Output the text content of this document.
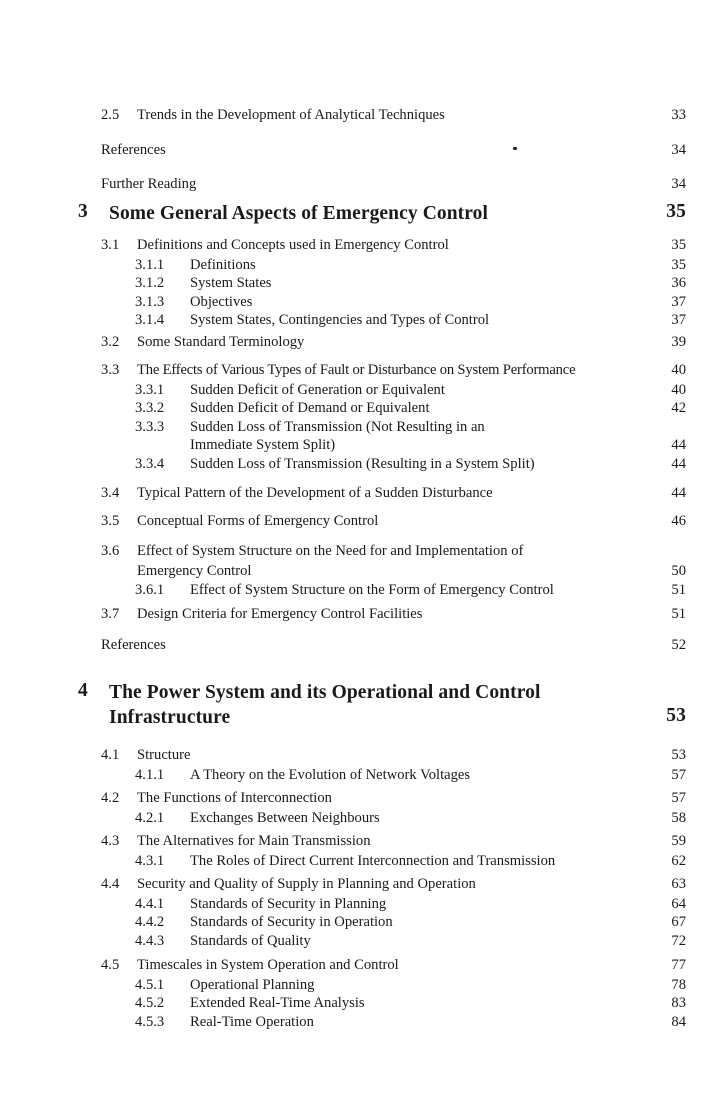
2.5	Trends in the Development of Analytical Techniques	33
References	34
Further Reading	34
3 Some General Aspects of Emergency Control	35
3.1	Definitions and Concepts used in Emergency Control	35
3.1.1	Definitions	35
3.1.2	System States	36
3.1.3	Objectives	37
3.1.4	System States, Contingencies and Types of Control	37
3.2	Some Standard Terminology	39
3.3	The Effects of Various Types of Fault or Disturbance on System Performance	40
3.3.1	Sudden Deficit of Generation or Equivalent	40
3.3.2	Sudden Deficit of Demand or Equivalent	42
3.3.3	Sudden Loss of Transmission (Not Resulting in an
Immediate System Split)	44
3.3.4	Sudden Loss of Transmission (Resulting in a System Split)	44
3.4	Typical Pattern of the Development of a Sudden Disturbance	44
3.5	Conceptual Forms of Emergency Control	46
3.6	Effect of System Structure on the Need for and Implementation of
Emergency Control	50
3.6.1	Effect of System Structure on the Form of Emergency Control	51
3.7	Design Criteria for Emergency Control Facilities	51
References	52
4 The Power System and its Operational and Control
Infrastructure	53
4.1	Structure	53
4.1.1	A Theory on the Evolution of Network Voltages	57
4.2	The Functions of Interconnection	57
4.2.1	Exchanges Between Neighbours	58
4.3	The Alternatives for Main Transmission	59
4.3.1	The Roles of Direct Current Interconnection and Transmission	62
4.4	Security and Quality of Supply in Planning and Operation	63
4.4.1	Standards of Security in Planning	64
4.4.2	Standards of Security in Operation	67
4.4.3	Standards of Quality	72
4.5	Timescales in System Operation and Control	77
4.5.1	Operational Planning	78
4.5.2	Extended Real-Time Analysis	83
4.5.3	Real-Time Operation	84
